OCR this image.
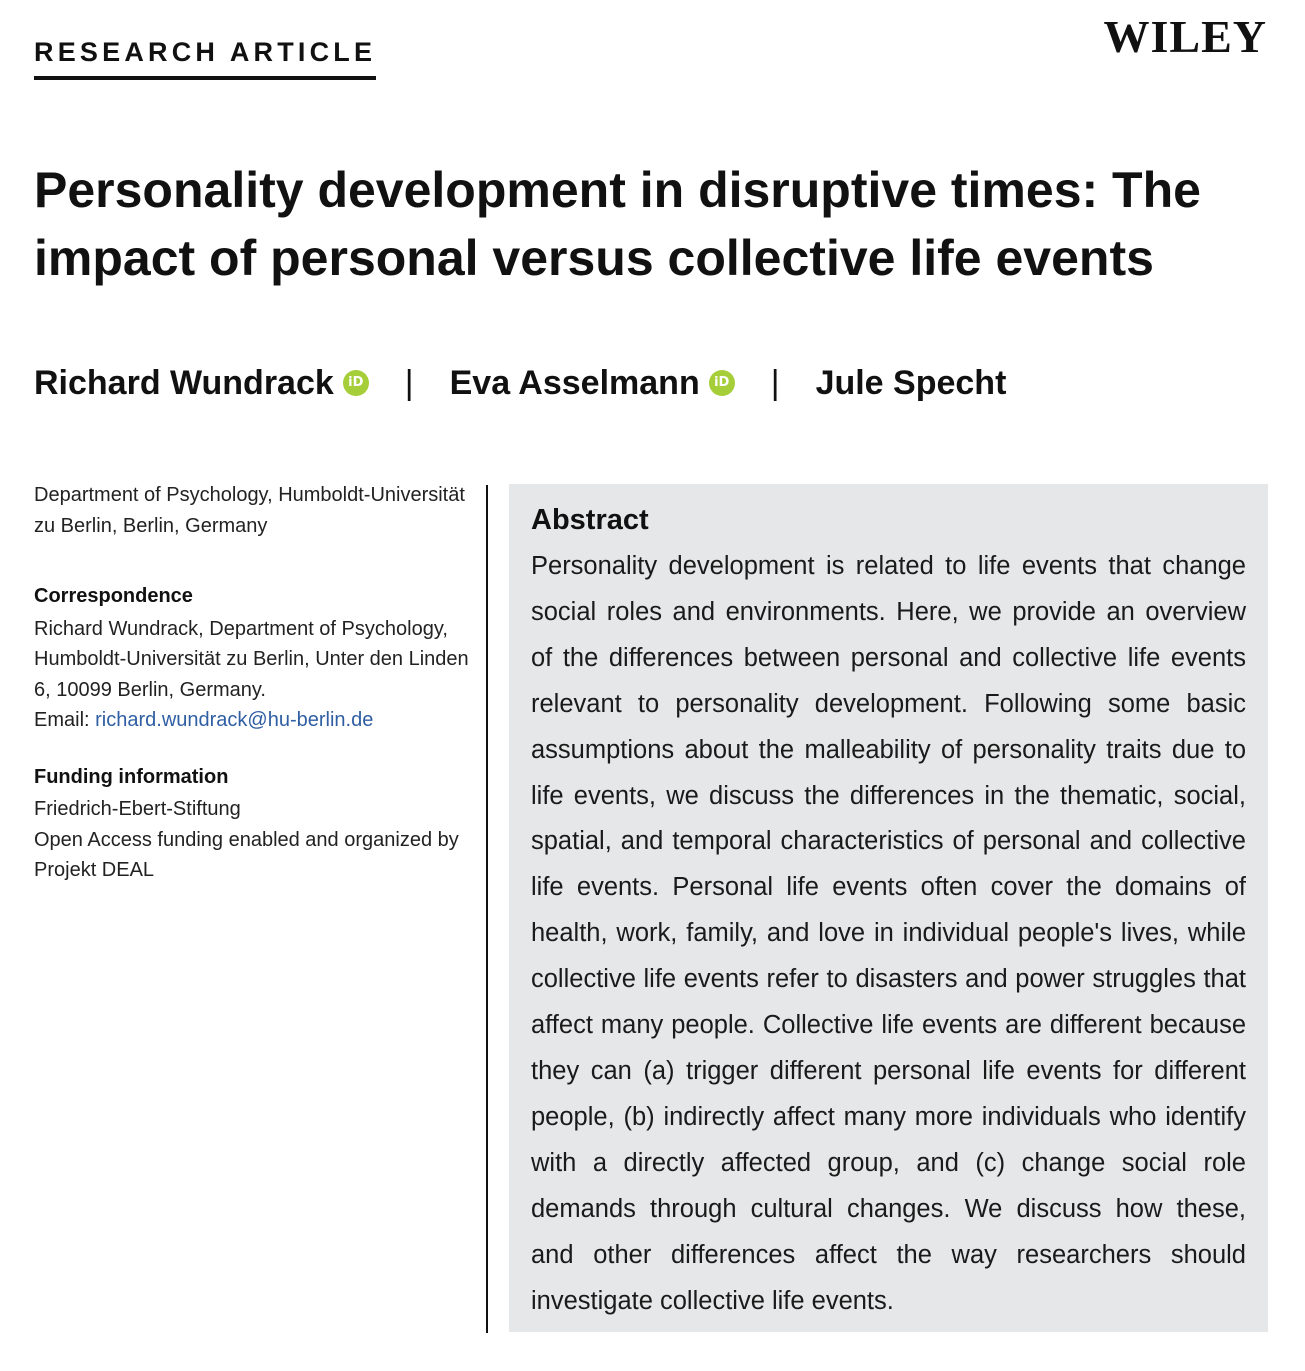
RESEARCH ARTICLE	WILEY
Personality development in disruptive times: The impact of personal versus collective life events
Richard Wundrack	iD | Eva Asselmann	iD | Jule Specht

Department of Psychology, Humboldt-Universität zu Berlin, Berlin, Germany

Correspondence

Richard Wundrack, Department of Psychology, Humboldt-Universität zu Berlin, Unter den Linden 6, 10099 Berlin, Germany.

Email: richard.wundrack@hu-berlin.de

Funding information

Friedrich-Ebert-Stiftung

Open Access funding enabled and organized by Projekt DEAL

Abstract

Personality development is related to life events that change social roles and environments. Here, we provide an overview of the differences between personal and collective life events relevant to personality development. Following some basic assumptions about the malleability of personality traits due to life events, we discuss the differences in the thematic, social, spatial, and temporal characteristics of personal and collective life events. Personal life events often cover the domains of health, work, family, and love in individual people's lives, while collective life events refer to disasters and power struggles that affect many people. Collective life events are different because they can (a) trigger different personal life events for different people, (b) indirectly affect many more individuals who identify with a directly affected group, and (c) change social role demands through cultural changes. We discuss how these, and other differences affect the way researchers should investigate collective life events.
